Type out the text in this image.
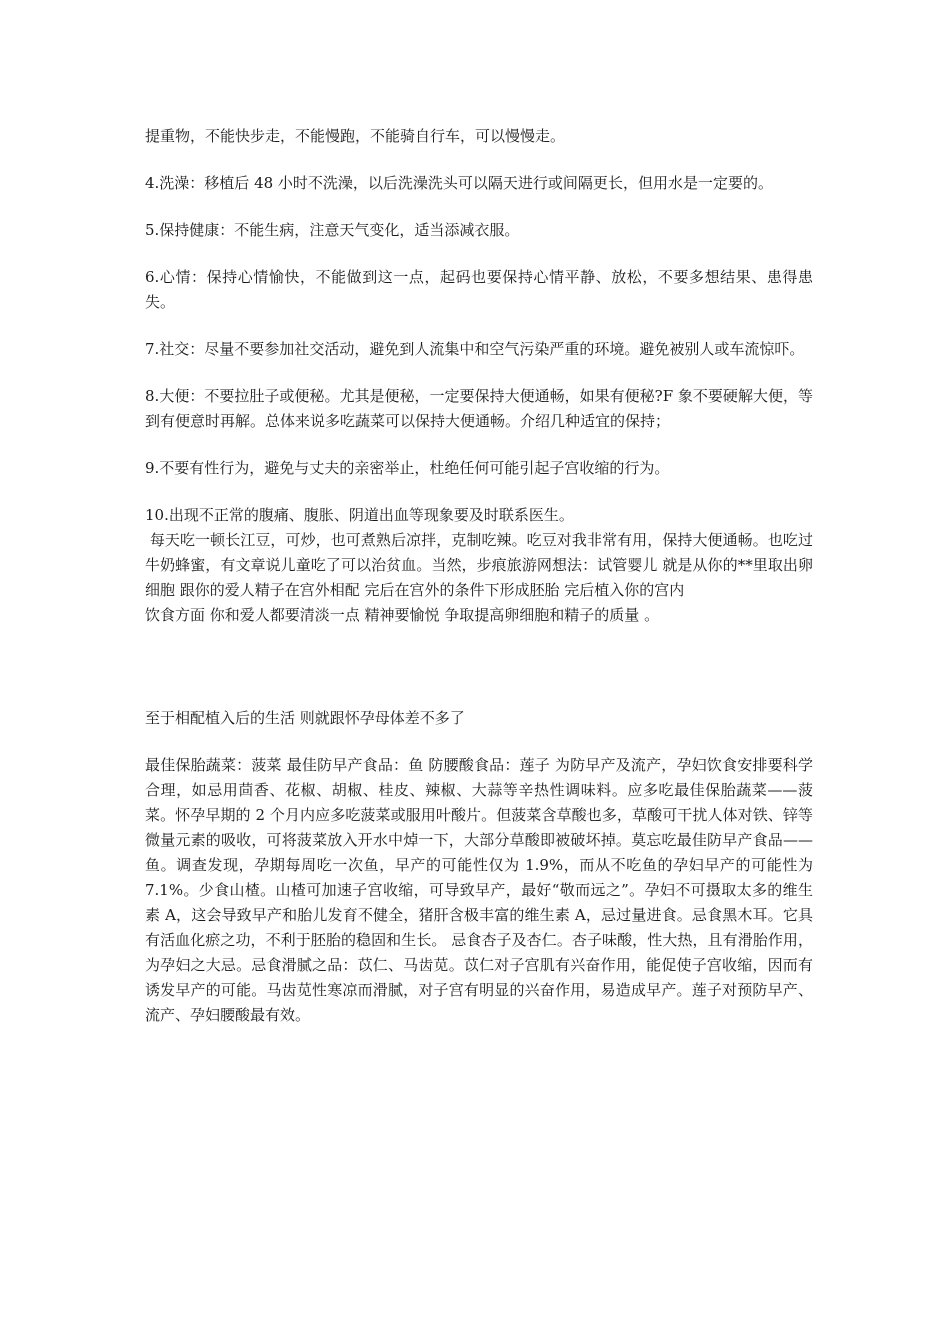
提重物，不能快步走，不能慢跑，不能骑自行车，可以慢慢走。

4.洗澡：移植后 48 小时不洗澡，以后洗澡洗头可以隔天进行或间隔更长，但用水是一定要的。

5.保持健康：不能生病，注意天气变化，适当添减衣服。

6.心情：保持心情愉快，不能做到这一点，起码也要保持心情平静、放松，不要多想结果、患得患失。

7.社交：尽量不要参加社交活动，避免到人流集中和空气污染严重的环境。避免被别人或车流惊吓。

8.大便：不要拉肚子或便秘。尤其是便秘，一定要保持大便通畅，如果有便秘?F 象不要硬解大便，等到有便意时再解。总体来说多吃蔬菜可以保持大便通畅。介绍几种适宜的保持；

9.不要有性行为，避免与丈夫的亲密举止，杜绝任何可能引起子宫收缩的行为。

10.出现不正常的腹痛、腹胀、阴道出血等现象要及时联系医生。
每天吃一顿长江豆，可炒，也可煮熟后凉拌，克制吃辣。吃豆对我非常有用，保持大便通畅。也吃过牛奶蜂蜜，有文章说儿童吃了可以治贫血。当然，步痕旅游网想法：试管婴儿 就是从你的**里取出卵细胞 跟你的爱人精子在宫外相配 完后在宫外的条件下形成胚胎 完后植入你的宫内
饮食方面 你和爱人都要清淡一点 精神要愉悦 争取提高卵细胞和精子的质量 。

至于相配植入后的生活 则就跟怀孕母体差不多了

最佳保胎蔬菜：菠菜 最佳防早产食品：鱼 防腰酸食品：莲子 为防早产及流产，孕妇饮食安排要科学合理，如忌用茴香、花椒、胡椒、桂皮、辣椒、大蒜等辛热性调味料。应多吃最佳保胎蔬菜——菠菜。怀孕早期的 2 个月内应多吃菠菜或服用叶酸片。但菠菜含草酸也多，草酸可干扰人体对铁、锌等微量元素的吸收，可将菠菜放入开水中焯一下，大部分草酸即被破坏掉。莫忘吃最佳防早产食品——鱼。调查发现，孕期每周吃一次鱼，早产的可能性仅为 1.9%，而从不吃鱼的孕妇早产的可能性为 7.1%。少食山楂。山楂可加速子宫收缩，可导致早产，最好“敬而远之”。孕妇不可摄取太多的维生素 A，这会导致早产和胎儿发育不健全，猪肝含极丰富的维生素 A，忌过量进食。忌食黑木耳。它具有活血化瘀之功，不利于胚胎的稳固和生长。 忌食杏子及杏仁。杏子味酸，性大热，且有滑胎作用，为孕妇之大忌。忌食滑腻之品：苡仁、马齿苋。苡仁对子宫肌有兴奋作用，能促使子宫收缩，因而有诱发早产的可能。马齿苋性寒凉而滑腻，对子宫有明显的兴奋作用，易造成早产。莲子对预防早产、流产、孕妇腰酸最有效。
